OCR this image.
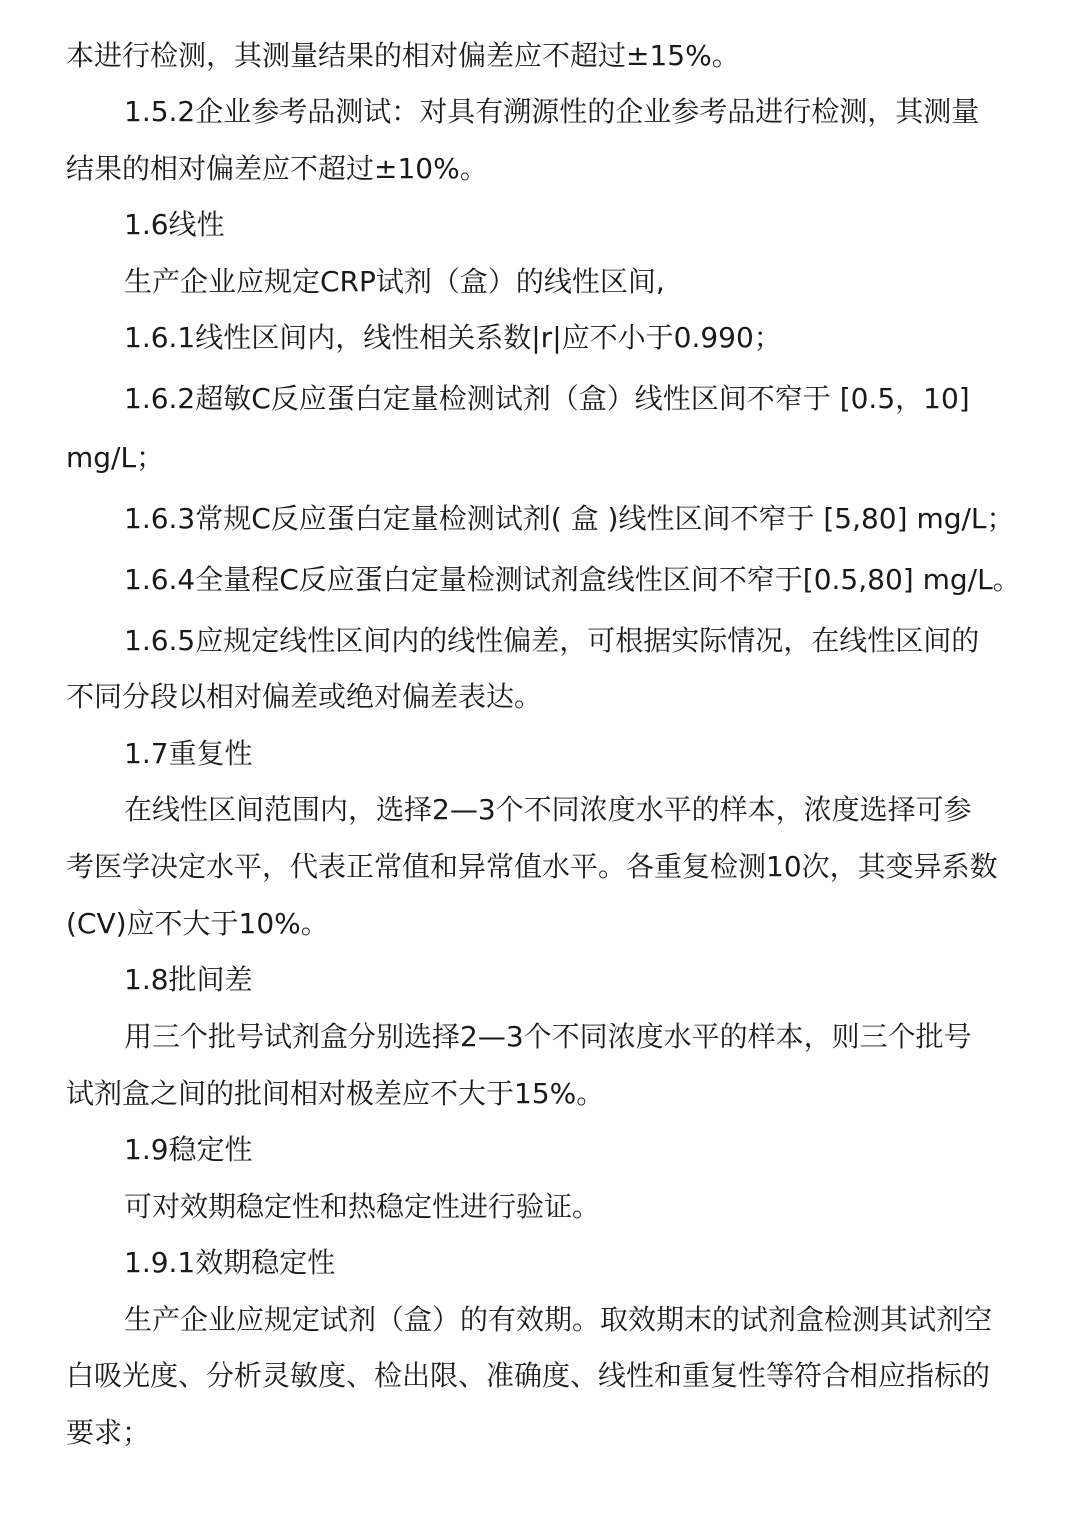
本进行检测，其测量结果的相对偏差应不超过±15%。
1.5.2企业参考品测试：对具有溯源性的企业参考品进行检测，其测量
结果的相对偏差应不超过±10%。
1.6线性
生产企业应规定CRP试剂（盒）的线性区间,
1.6.1线性区间内，线性相关系数|r|应不小于0.990；
1.6.2超敏C反应蛋白定量检测试剂（盒）线性区间不窄于 [0.5，10]
mg/L；
1.6.3常规C反应蛋白定量检测试剂( 盒 )线性区间不窄于 [5,80] mg/L；
1.6.4全量程C反应蛋白定量检测试剂盒线性区间不窄于[0.5,80] mg/L。
1.6.5应规定线性区间内的线性偏差，可根据实际情况，在线性区间的
不同分段以相对偏差或绝对偏差表达。
1.7重复性
在线性区间范围内，选择2—3个不同浓度水平的样本，浓度选择可参
考医学决定水平，代表正常值和异常值水平。各重复检测10次，其变异系数
(CV)应不大于10%。
1.8批间差
用三个批号试剂盒分别选择2—3个不同浓度水平的样本，则三个批号
试剂盒之间的批间相对极差应不大于15%。
1.9稳定性
可对效期稳定性和热稳定性进行验证。
1.9.1效期稳定性
生产企业应规定试剂（盒）的有效期。取效期末的试剂盒检测其试剂空
白吸光度、分析灵敏度、检出限、准确度、线性和重复性等符合相应指标的
要求；
